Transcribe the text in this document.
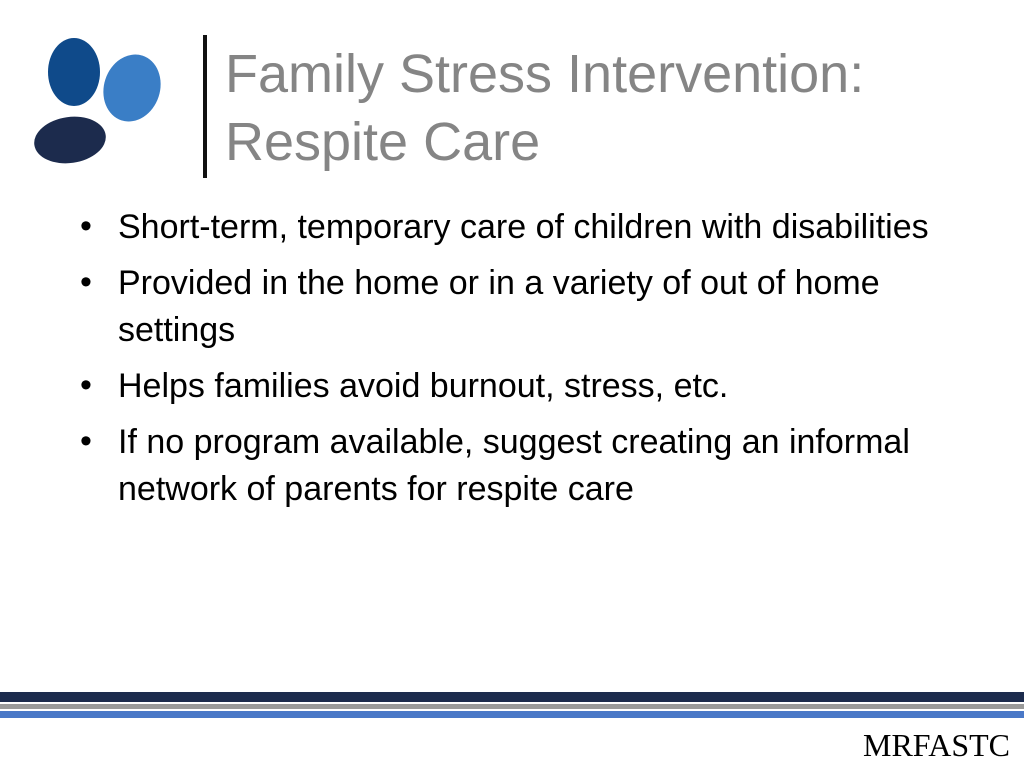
Family Stress Intervention:
Respite Care
• Short-term, temporary care of children with disabilities
• Provided in the home or in a variety of out of home settings
• Helps families avoid burnout, stress, etc.
• If no program available, suggest creating an informal network of parents for respite care
MRFASTC
